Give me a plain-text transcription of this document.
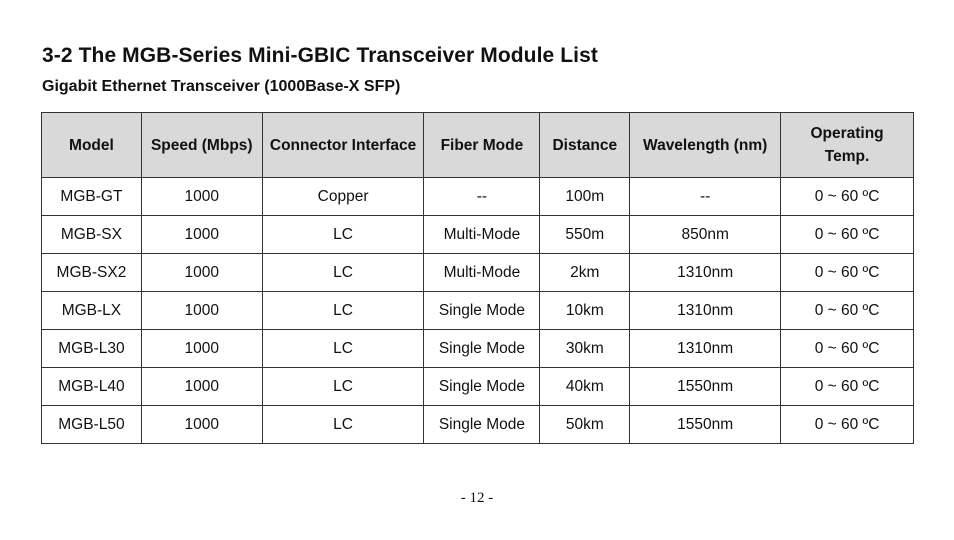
3-2 The MGB-Series Mini-GBIC Transceiver Module List
Gigabit Ethernet Transceiver (1000Base-X SFP)
Model	Speed (Mbps)	Connector Interface	Fiber Mode	Distance	Wavelength (nm)	Operating Temp.
MGB-GT	1000	Copper	--	100m	--	0 ~ 60 ºC
MGB-SX	1000	LC	Multi-Mode	550m	850nm	0 ~ 60 ºC
MGB-SX2	1000	LC	Multi-Mode	2km	1310nm	0 ~ 60 ºC
MGB-LX	1000	LC	Single Mode	10km	1310nm	0 ~ 60 ºC
MGB-L30	1000	LC	Single Mode	30km	1310nm	0 ~ 60 ºC
MGB-L40	1000	LC	Single Mode	40km	1550nm	0 ~ 60 ºC
MGB-L50	1000	LC	Single Mode	50km	1550nm	0 ~ 60 ºC
- 12 -
